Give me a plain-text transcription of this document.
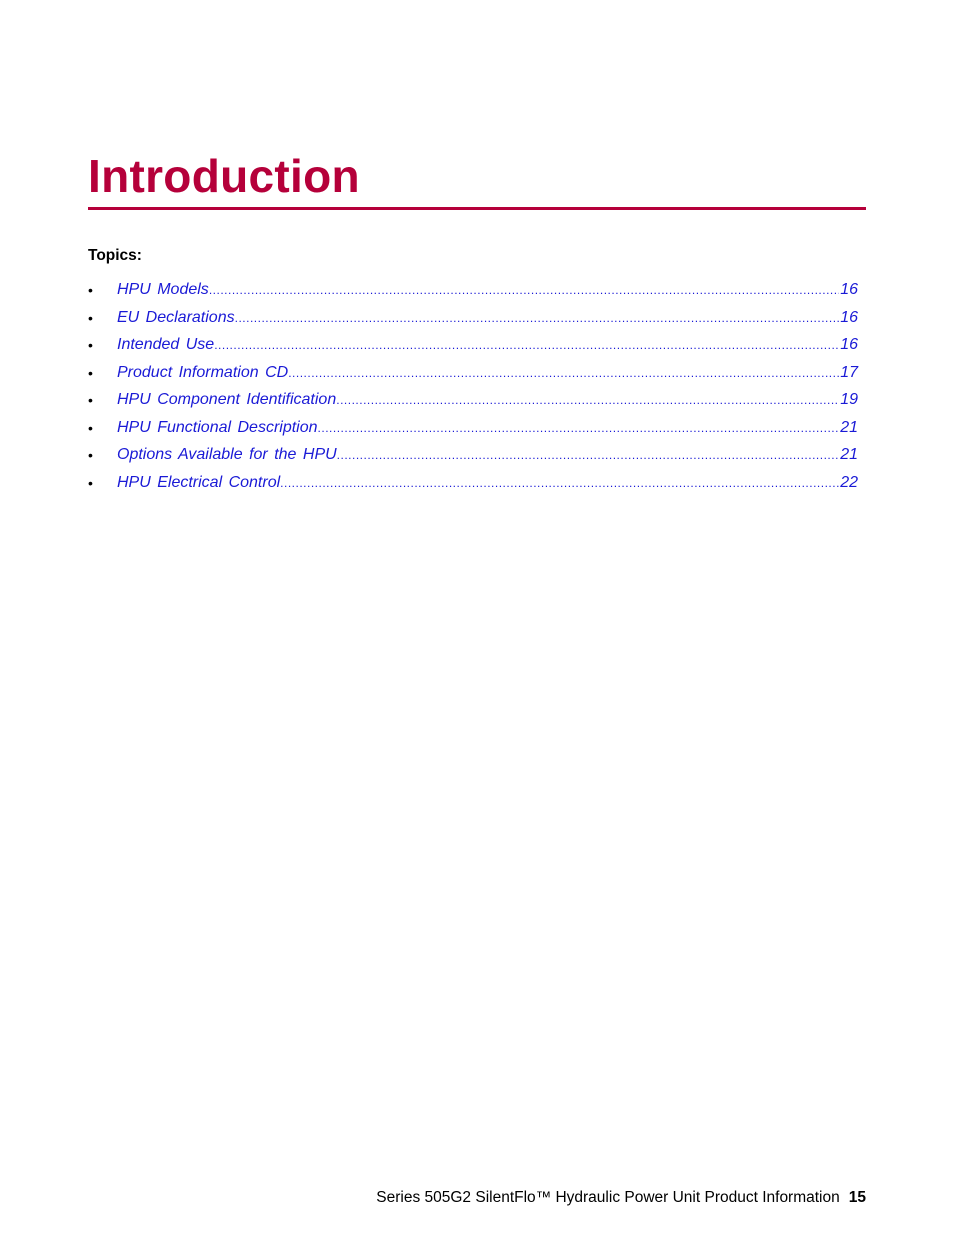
Introduction
Topics:
•	HPU Models .....	16
•	EU Declarations .....	16
•	Intended Use .....	16
•	Product Information CD .....	17
•	HPU Component Identification .....	19
•	HPU Functional Description .....	21
•	Options Available for the HPU .....	21
•	HPU Electrical Control .....	22
Series 505G2 SilentFlo™ Hydraulic Power Unit Product Information 15
